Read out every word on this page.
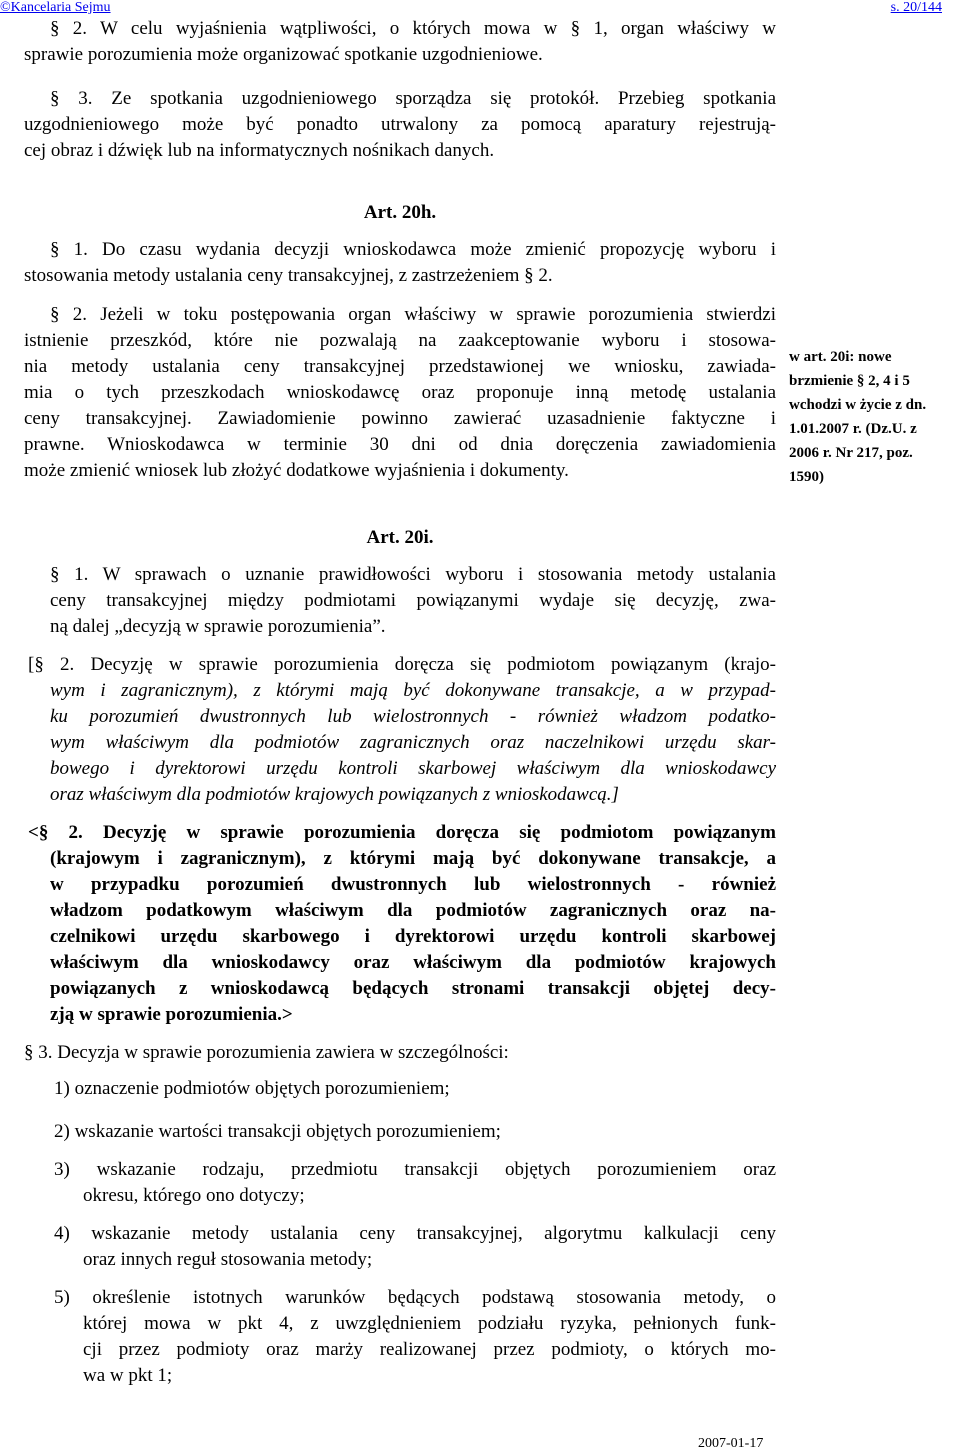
©Kancelaria Sejmu	s. 20/144
§ 2. W celu wyjaśnienia wątpliwości, o których mowa w § 1, organ właściwy w
sprawie porozumienia może organizować spotkanie uzgodnieniowe.
§ 3. Ze spotkania uzgodnieniowego sporządza się protokół. Przebieg spotkania
uzgodnieniowego może być ponadto utrwalony za pomocą aparatury rejestrują-
cej obraz i dźwięk lub na informatycznych nośnikach danych.
Art. 20h.
§ 1. Do czasu wydania decyzji wnioskodawca może zmienić propozycję wyboru i
stosowania metody ustalania ceny transakcyjnej, z zastrzeżeniem § 2.
§ 2. Jeżeli w toku postępowania organ właściwy w sprawie porozumienia stwierdzi
istnienie przeszkód, które nie pozwalają na zaakceptowanie wyboru i stosowa-
nia metody ustalania ceny transakcyjnej przedstawionej we wniosku, zawiada-
mia o tych przeszkodach wnioskodawcę oraz proponuje inną metodę ustalania
ceny transakcyjnej. Zawiadomienie powinno zawierać uzasadnienie faktyczne i
prawne. Wnioskodawca w terminie 30 dni od dnia doręczenia zawiadomienia
może zmienić wniosek lub złożyć dodatkowe wyjaśnienia i dokumenty.
w art. 20i: nowe
brzmienie § 2, 4 i 5
wchodzi w życie z dn.
1.01.2007 r. (Dz.U. z
2006 r. Nr 217, poz.
1590)
Art. 20i.
§ 1. W sprawach o uznanie prawidłowości wyboru i stosowania metody ustalania
ceny transakcyjnej między podmiotami powiązanymi wydaje się decyzję, zwa-
ną dalej „decyzją w sprawie porozumienia”.
[§ 2. Decyzję w sprawie porozumienia doręcza się podmiotom powiązanym (krajo-
wym i zagranicznym), z którymi mają być dokonywane transakcje, a w przypad-
ku porozumień dwustronnych lub wielostronnych - również władzom podatko-
wym właściwym dla podmiotów zagranicznych oraz naczelnikowi urzędu skar-
bowego i dyrektorowi urzędu kontroli skarbowej właściwym dla wnioskodawcy
oraz właściwym dla podmiotów krajowych powiązanych z wnioskodawcą.]
<§ 2. Decyzję w sprawie porozumienia doręcza się podmiotom powiązanym
(krajowym i zagranicznym), z którymi mają być dokonywane transakcje, a
w przypadku porozumień dwustronnych lub wielostronnych - również
władzom podatkowym właściwym dla podmiotów zagranicznych oraz na-
czelnikowi urzędu skarbowego i dyrektorowi urzędu kontroli skarbowej
właściwym dla wnioskodawcy oraz właściwym dla podmiotów krajowych
powiązanych z wnioskodawcą będących stronami transakcji objętej decy-
zją w sprawie porozumienia.>
§ 3. Decyzja w sprawie porozumienia zawiera w szczególności:
1) oznaczenie podmiotów objętych porozumieniem;
2) wskazanie wartości transakcji objętych porozumieniem;
3) wskazanie rodzaju, przedmiotu transakcji objętych porozumieniem oraz
okresu, którego ono dotyczy;
4) wskazanie metody ustalania ceny transakcyjnej, algorytmu kalkulacji ceny
oraz innych reguł stosowania metody;
5) określenie istotnych warunków będących podstawą stosowania metody, o
której mowa w pkt 4, z uwzględnieniem podziału ryzyka, pełnionych funk-
cji przez podmioty oraz marży realizowanej przez podmioty, o których mo-
wa w pkt 1;
2007-01-17
